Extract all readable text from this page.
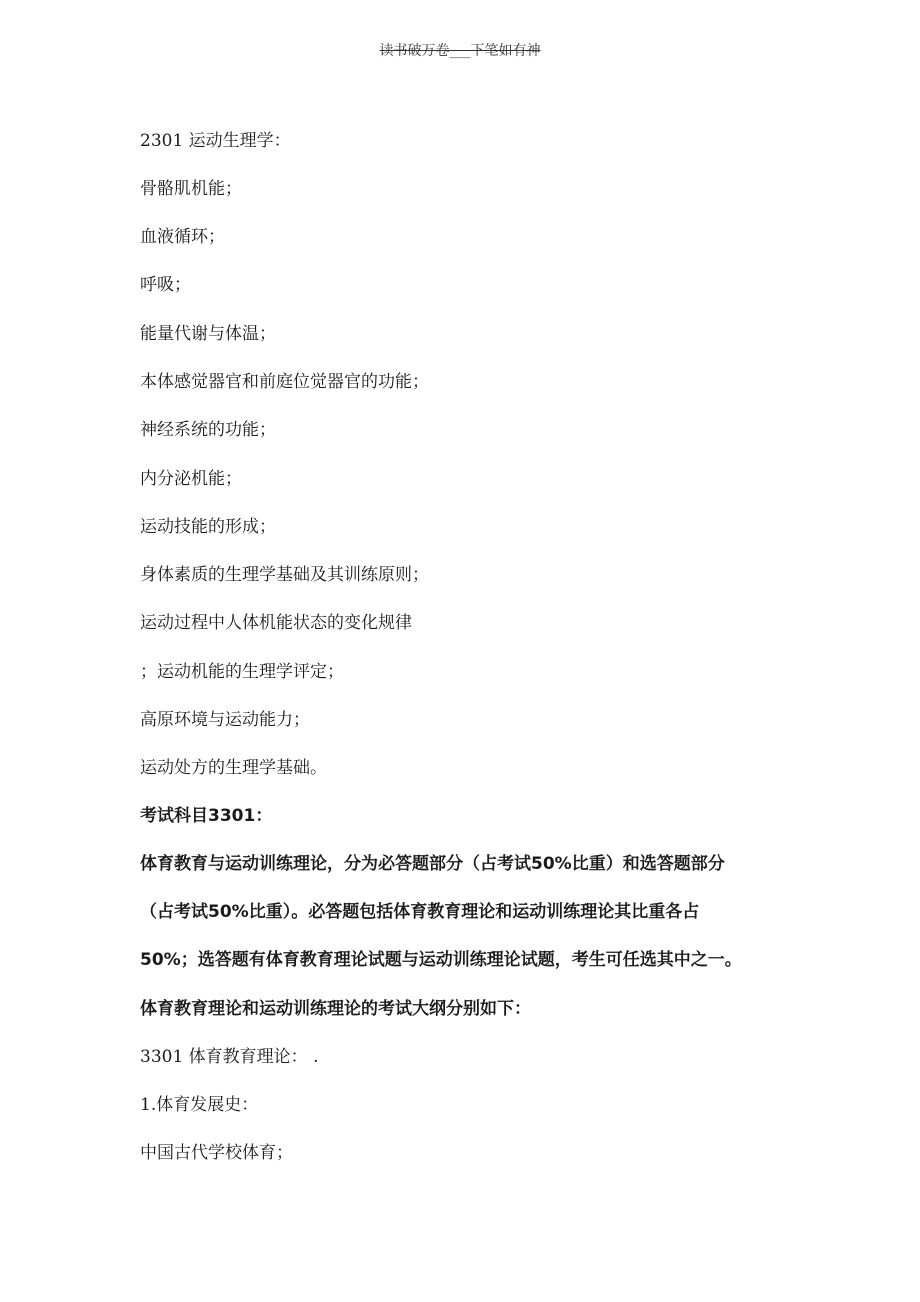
读书破万卷___下笔如有神
2301 运动生理学：
骨骼肌机能；
血液循环；
呼吸；
能量代谢与体温；
本体感觉器官和前庭位觉器官的功能；
神经系统的功能；
内分泌机能；
运动技能的形成；
身体素质的生理学基础及其训练原则；
运动过程中人体机能状态的变化规律
；运动机能的生理学评定；
高原环境与运动能力；
运动处方的生理学基础。
考试科目3301：
体育教育与运动训练理论，分为必答题部分（占考试50%比重）和选答题部分
（占考试50%比重）。必答题包括体育教育理论和运动训练理论其比重各占
50%；选答题有体育教育理论试题与运动训练理论试题，考生可任选其中之一。
体育教育理论和运动训练理论的考试大纲分别如下：
3301 体育教育理论： .
1.体育发展史：
中国古代学校体育；
